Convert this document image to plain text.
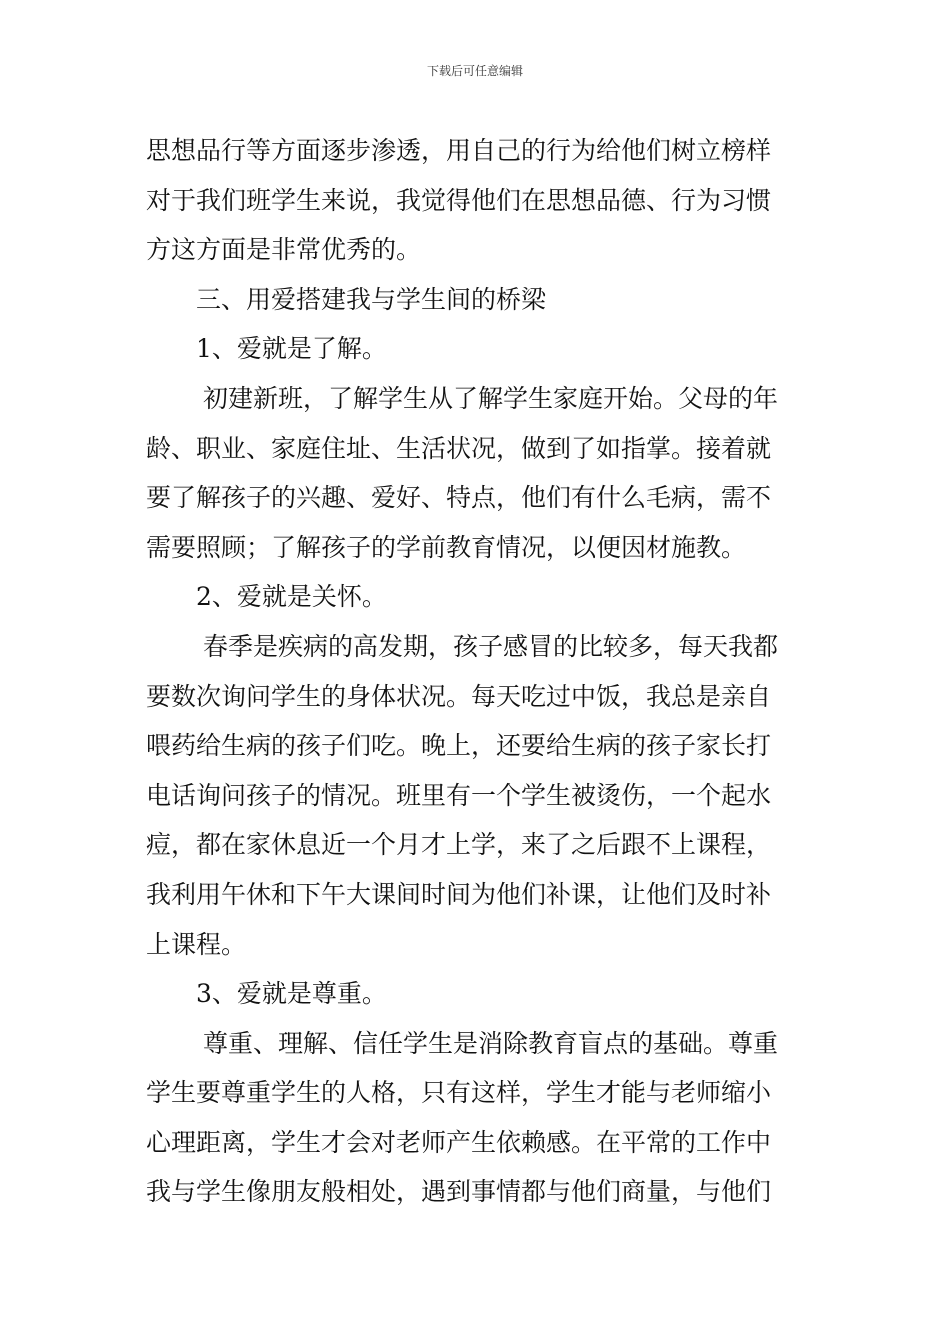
下载后可任意编辑
思想品行等方面逐步渗透，用自己的行为给他们树立榜样
对于我们班学生来说，我觉得他们在思想品德、行为习惯
方这方面是非常优秀的。
三、用爱搭建我与学生间的桥梁
1、爱就是了解。
初建新班，了解学生从了解学生家庭开始。父母的年
龄、职业、家庭住址、生活状况，做到了如指掌。接着就
要了解孩子的兴趣、爱好、特点，他们有什么毛病，需不
需要照顾；了解孩子的学前教育情况，以便因材施教。
2、爱就是关怀。
春季是疾病的高发期，孩子感冒的比较多，每天我都
要数次询问学生的身体状况。每天吃过中饭，我总是亲自
喂药给生病的孩子们吃。晚上，还要给生病的孩子家长打
电话询问孩子的情况。班里有一个学生被烫伤，一个起水
痘，都在家休息近一个月才上学，来了之后跟不上课程，
我利用午休和下午大课间时间为他们补课，让他们及时补
上课程。
3、爱就是尊重。
尊重、理解、信任学生是消除教育盲点的基础。尊重
学生要尊重学生的人格，只有这样，学生才能与老师缩小
心理距离，学生才会对老师产生依赖感。在平常的工作中
我与学生像朋友般相处，遇到事情都与他们商量，与他们
